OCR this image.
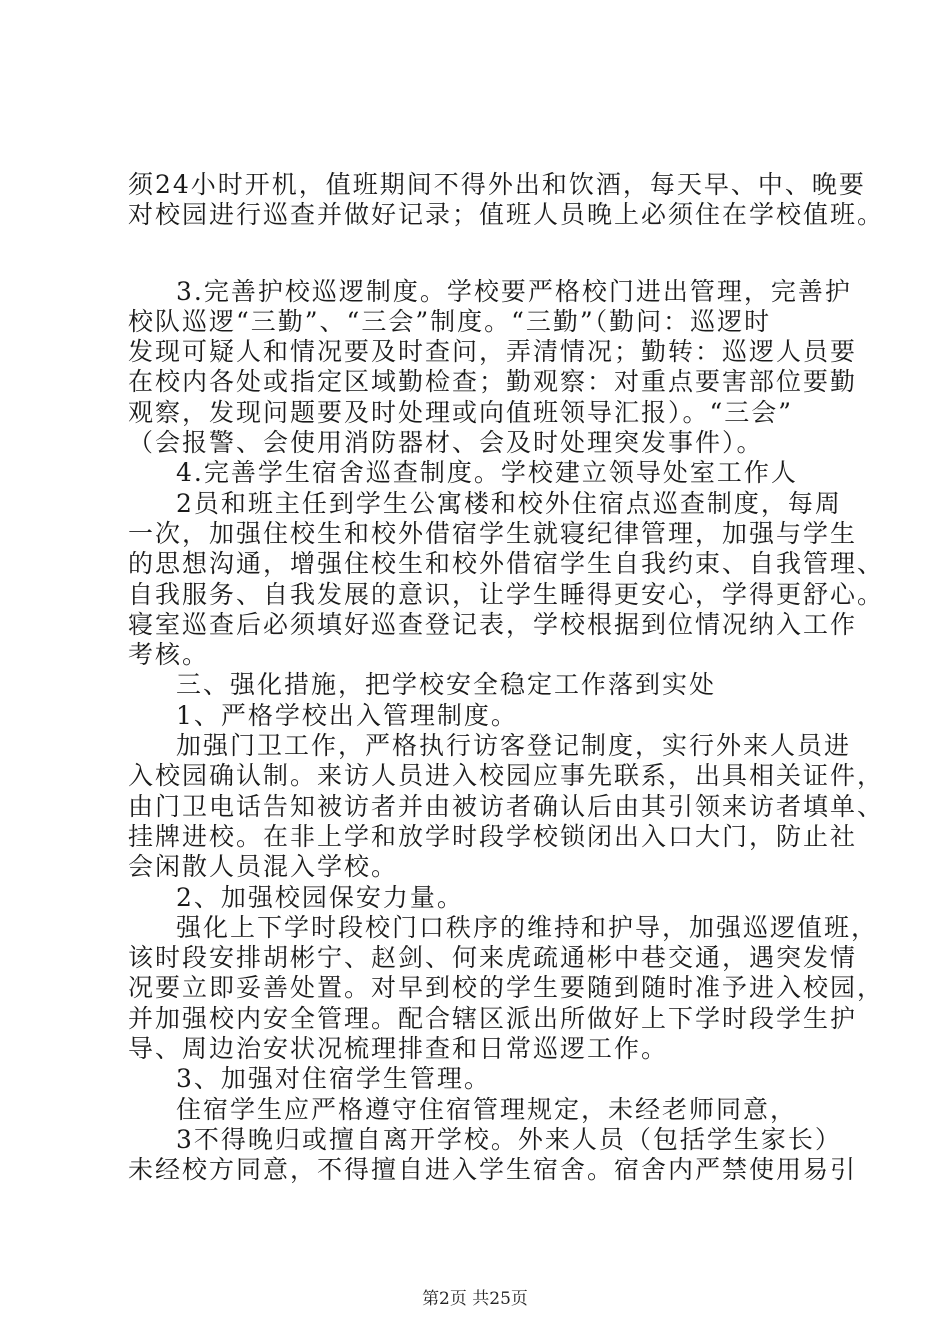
须24小时开机，值班期间不得外出和饮酒，每天早、中、晚要
对校园进行巡查并做好记录；值班人员晚上必须住在学校值班。
3.完善护校巡逻制度。学校要严格校门进出管理，完善护
校队巡逻“三勤”、“三会”制度。“三勤”（勤问：巡逻时
发现可疑人和情况要及时查问，弄清情况；勤转：巡逻人员要
在校内各处或指定区域勤检查；勤观察：对重点要害部位要勤
观察，发现问题要及时处理或向值班领导汇报）。“三会”
（会报警、会使用消防器材、会及时处理突发事件）。
4.完善学生宿舍巡查制度。学校建立领导处室工作人
2员和班主任到学生公寓楼和校外住宿点巡查制度，每周
一次，加强住校生和校外借宿学生就寝纪律管理，加强与学生
的思想沟通，增强住校生和校外借宿学生自我约束、自我管理、
自我服务、自我发展的意识，让学生睡得更安心，学得更舒心。
寝室巡查后必须填好巡查登记表，学校根据到位情况纳入工作
考核。
三、强化措施，把学校安全稳定工作落到实处
1、严格学校出入管理制度。
加强门卫工作，严格执行访客登记制度，实行外来人员进
入校园确认制。来访人员进入校园应事先联系，出具相关证件，
由门卫电话告知被访者并由被访者确认后由其引领来访者填单、
挂牌进校。在非上学和放学时段学校锁闭出入口大门，防止社
会闲散人员混入学校。
2、加强校园保安力量。
强化上下学时段校门口秩序的维持和护导，加强巡逻值班，
该时段安排胡彬宁、赵剑、何来虎疏通彬中巷交通，遇突发情
况要立即妥善处置。对早到校的学生要随到随时准予进入校园，
并加强校内安全管理。配合辖区派出所做好上下学时段学生护
导、周边治安状况梳理排查和日常巡逻工作。
3、加强对住宿学生管理。
住宿学生应严格遵守住宿管理规定，未经老师同意，
3不得晚归或擅自离开学校。外来人员（包括学生家长）
未经校方同意，不得擅自进入学生宿舍。宿舍内严禁使用易引
第2页 共25页
